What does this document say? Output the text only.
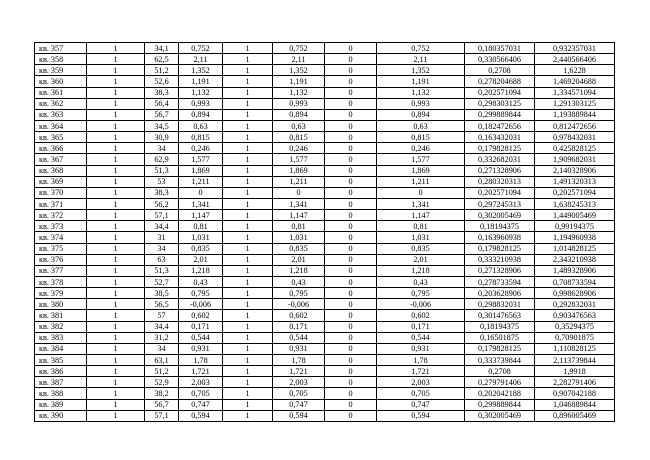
кв. 357	1	34,1	0,752	1	0,752	0	0,752	0,180357031	0,932357031
кв. 358	1	62,5	2,11	1	2,11	0	2,11	0,330566406	2,440566406
кв. 359	1	51,2	1,352	1	1,352	0	1,352	0,2708	1,6228
кв. 360	1	52,6	1,191	1	1,191	0	1,191	0,278204688	1,469204688
кв. 361	1	38,3	1,132	1	1,132	0	1,132	0,202571094	1,334571094
кв. 362	1	56,4	0,993	1	0,993	0	0,993	0,298303125	1,291303125
кв. 363	1	56,7	0,894	1	0,894	0	0,894	0,299889844	1,193889844
кв. 364	1	34,5	0,63	1	0,63	0	0,63	0,182472656	0,812472656
кв. 365	1	30,9	0,815	1	0,815	0	0,815	0,163432031	0,978432031
кв. 366	1	34	0,246	1	0,246	0	0,246	0,179828125	0,425828125
кв. 367	1	62,9	1,577	1	1,577	0	1,577	0,332682031	1,909682031
кв. 368	1	51,3	1,869	1	1,869	0	1,869	0,271328906	2,140328906
кв. 369	1	53	1,211	1	1,211	0	1,211	0,280320313	1,491320313
кв. 370	1	38,3	0	1	0	0	0	0,202571094	0,202571094
кв. 371	1	56,2	1,341	1	1,341	0	1,341	0,297245313	1,638245313
кв. 372	1	57,1	1,147	1	1,147	0	1,147	0,302005469	1,449005469
кв. 373	1	34,4	0,81	1	0,81	0	0,81	0,18194375	0,99194375
кв. 374	1	31	1,031	1	1,031	0	1,031	0,163960938	1,194960938
кв. 375	1	34	0,835	1	0,835	0	0,835	0,179828125	1,014828125
кв. 376	1	63	2,01	1	2,01	0	2,01	0,333210938	2,343210938
кв. 377	1	51,3	1,218	1	1,218	0	1,218	0,271328906	1,489328906
кв. 378	1	52,7	0,43	1	0,43	0	0,43	0,278733594	0,708733594
кв. 379	1	38,5	0,795	1	0,795	0	0,795	0,203628906	0,998628906
кв. 380	1	56,5	-0,006	1	-0,006	0	-0,006	0,298832031	0,292832031
кв. 381	1	57	0,602	1	0,602	0	0,602	0,301476563	0,903476563
кв. 382	1	34,4	0,171	1	0,171	0	0,171	0,18194375	0,35294375
кв. 383	1	31,2	0,544	1	0,544	0	0,544	0,16501875	0,70901875
кв. 384	1	34	0,931	1	0,931	0	0,931	0,179828125	1,110828125
кв. 385	1	63,1	1,78	1	1,78	0	1,78	0,333739844	2,113739844
кв. 386	1	51,2	1,721	1	1,721	0	1,721	0,2708	1,9918
кв. 387	1	52,9	2,003	1	2,003	0	2,003	0,279791406	2,282791406
кв. 388	1	38,2	0,705	1	0,705	0	0,705	0,202042188	0,907042188
кв. 389	1	56,7	0,747	1	0,747	0	0,747	0,299889844	1,046889844
кв. 390	1	57,1	0,594	1	0,594	0	0,594	0,302005469	0,896005469
